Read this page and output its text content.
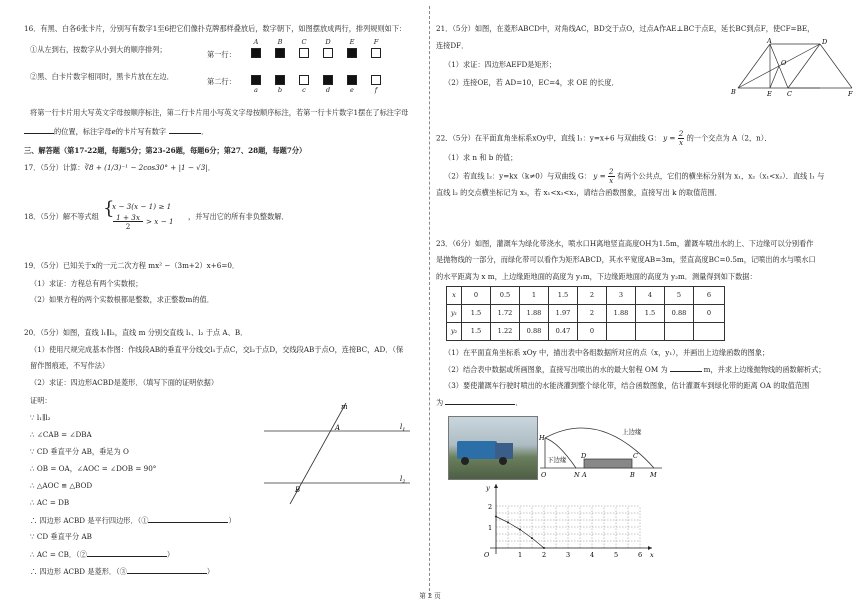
16．有黑、白各6张卡片，分别写有数字1至6把它们像扑克牌那样叠放后，数字朝下，如图摆放成两行，排列规则如下：
①从左到右，按数字从小到大的顺序排列；
②黑、白卡片数字相同时，黑卡片放在左边．
第一行：
第二行：
A	B	C	D	E	F
a	b	c	d	e	f
将第一行卡片用大写英文字母按顺序标注，第二行卡片用小写英文字母按顺序标注，若第一行卡片数字1摆在了标注字母
的位置，标注字母e的卡片写有数字	．
三、解答题（第17-22题，每题5分；第23-26题，每题6分；第27、28题，每题7分）
17．（5分）计算：∛8 + (1/3)⁻¹ − 2cos30° + |1 − √3|．
18．（5分）解不等式组 {
x − 3(x − 1) ≥ 1
1 + 3x
2
> x − 1
，并写出它的所有非负整数解．
19．（5分）已知关于x的一元二次方程 mx² −（3m+2）x+6=0．
（1）求证：方程总有两个实数根；
（2）如果方程的两个实数根都是整数，求正整数m的值．
20．（5分）如图，直线 l₁∥l₂，直线 m 分别交直线 l₁、l₂ 于点 A、B．
（1）使用尺规完成基本作图：作线段AB的垂直平分线交l₁于点C，交l₂于点D，交线段AB于点O，连接BC，AD．（保
留作图痕迹，不写作法）
（2）求证：四边形ACBD是菱形．（填写下面的证明依据）
证明：
∵ l₁∥l₂
∴ ∠CAB = ∠DBA
∵ CD 垂直平分 AB，垂足为 O
∴ OB = OA，∠AOC = ∠DOB = 90°
∴ △AOC ≌ △BOD
∴ AC = DB
∴ 四边形 ACBD 是平行四边形．（①	）
∵ CD 垂直平分 AB
∴ AC = CB．（②	）
∴ 四边形 ACBD 是菱形．（③	）
m
A
B
$l_1$
$l_2$
21．（5分）如图，在菱形ABCD中，对角线AC，BD交于点O，过点A作AE⊥BC于点E，延长BC到点F，使CF=BE，
连接DF．
（1）求证：四边形AEFD是矩形；
（2）连接OE，若 AD=10，EC=4，求 OE 的长度．
A	D
O
B	E C	F
22．（5分）在平面直角坐标系xOy中，直线 l₁：y=x+6 与双曲线 G： $y = \frac{2}{x}$ 的一个交点为 A（2，n）．
（1）求 n 和 b 的值；
（2）若直线 l₂：y=kx（k≠0）与双曲线 G： $y = \frac{2}{x}$ 有两个公共点，它们的横坐标分别为 x₁，x₂（x₁<x₂）．直线 l₁ 与
直线 l₂ 的交点横坐标记为 x₃，若 x₁<x₃<x₂，请结合函数图象，直接写出 k 的取值范围．
23．（6分）如图，灌溉车为绿化带浇水，喷水口H离地竖直高度OH为1.5m，灌溉车喷出水的上、下边缘可以分别看作
是抛物线的一部分，而绿化带可以看作为矩形ABCD，其水平宽度AB=3m，竖直高度BC=0.5m，记喷出的水与喷水口
的水平距离为 x m，上边缘距地面的高度为 y₁m，下边缘距地面的高度为 y₂m．测量得到如下数据：
x	0	0.5	1	1.5	2	3	4	5	6
y₁	1.5	1.72	1.88	1.97	2	1.88	1.5	0.88	0
y₂	1.5	1.22	0.88	0.47	0				
（1）在平面直角坐标系 xOy 中，描出表中各组数据所对应的点（x，y₁），并画出上边缘函数的图象；
（2）结合表中数据或所画图象，直接写出喷出的水的最大射程 OM 为	m，并求上边缘抛物线的函数解析式；
（3）要使灌溉车行驶时喷出的水能浇灌到整个绿化带，结合函数图象，估计灌溉车到绿化带的距离 OA 的取值范围
为	．
上边缘
下边缘
H
D	C
O	N A	B M
O	x
y
1	2	3	4	5	6
1
2
第 2 页
